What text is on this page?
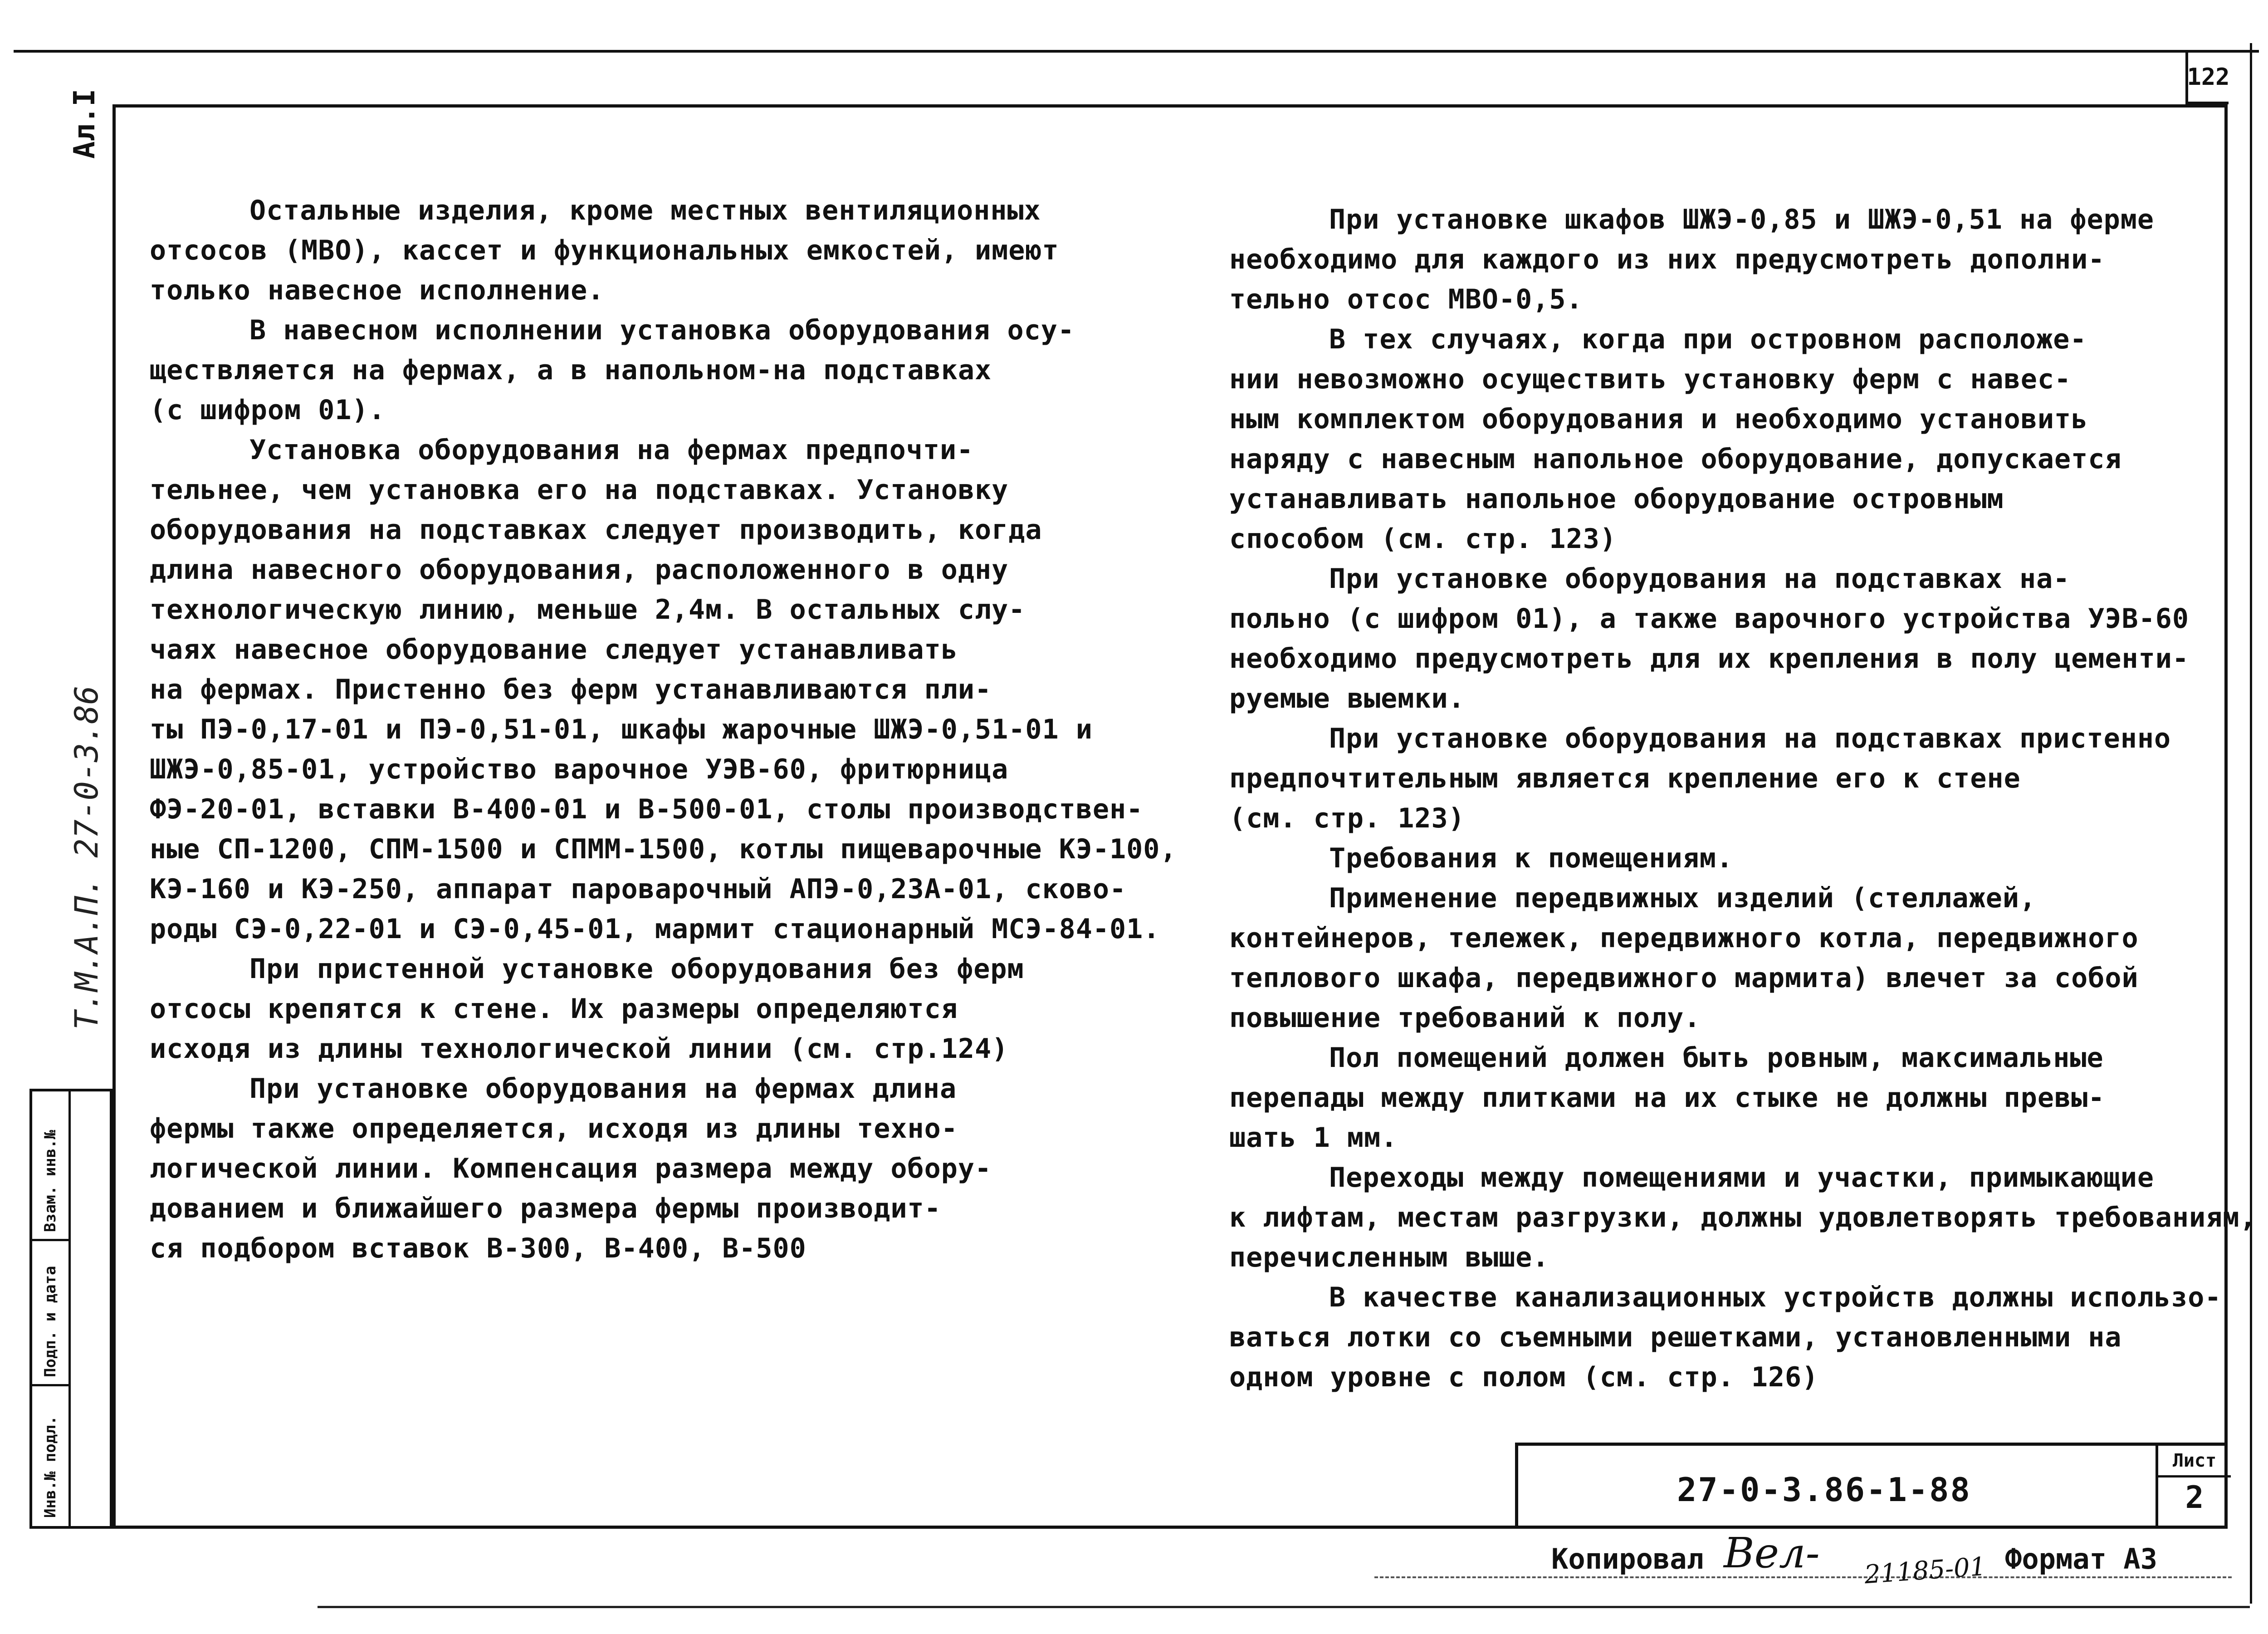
122
Ал.I
Т.М.А.П. 27-0-3.86
Взам. инв.№
Подп. и дата
Инв.№ подл.

Остальные изделия, кроме местных вентиляционных

отсосов (МВО), кассет и функциональных емкостей, имеют

только навесное исполнение.

В навесном исполнении установка оборудования осу-

ществляется на фермах, а в напольном-на подставках

(с шифром 01).

Установка оборудования на фермах предпочти-

тельнее, чем установка его на подставках. Установку

оборудования на подставках следует производить, когда

длина навесного оборудования, расположенного в одну

технологическую линию, меньше 2,4м. В остальных слу-

чаях навесное оборудование следует устанавливать

на фермах. Пристенно без ферм устанавливаются пли-

ты ПЭ-0,17-01 и ПЭ-0,51-01, шкафы жарочные ШЖЭ-0,51-01 и

ШЖЭ-0,85-01, устройство варочное УЭВ-60, фритюрница

ФЭ-20-01, вставки В-400-01 и В-500-01, столы производствен-

ные СП-1200, СПМ-1500 и СПММ-1500, котлы пищеварочные КЭ-100,

КЭ-160 и КЭ-250, аппарат пароварочный АПЭ-0,23А-01, сково-

роды СЭ-0,22-01 и СЭ-0,45-01, мармит стационарный МСЭ-84-01.

При пристенной установке оборудования без ферм

отсосы крепятся к стене. Их размеры определяются

исходя из длины технологической линии (см. стр.124)

При установке оборудования на фермах длина

фермы также определяется, исходя из длины техно-

логической линии. Компенсация размера между обору-

дованием и ближайшего размера фермы производит-

ся подбором вставок В-300, В-400, В-500

При установке шкафов ШЖЭ-0,85 и ШЖЭ-0,51 на ферме

необходимо для каждого из них предусмотреть дополни-

тельно отсос МВО-0,5.

В тех случаях, когда при островном расположе-

нии невозможно осуществить установку ферм с навес-

ным комплектом оборудования и необходимо установить

наряду с навесным напольное оборудование, допускается

устанавливать напольное оборудование островным

способом (см. стр. 123)

При установке оборудования на подставках на-

польно (с шифром 01), а также варочного устройства УЭВ-60

необходимо предусмотреть для их крепления в полу цементи-

руемые выемки.

При установке оборудования на подставках пристенно

предпочтительным является крепление его к стене

(см. стр. 123)

Требования к помещениям.

Применение передвижных изделий (стеллажей,

контейнеров, тележек, передвижного котла, передвижного

теплового шкафа, передвижного мармита) влечет за собой

повышение требований к полу.

Пол помещений должен быть ровным, максимальные

перепады между плитками на их стыке не должны превы-

шать 1 мм.

Переходы между помещениями и участки, примыкающие

к лифтам, местам разгрузки, должны удовлетворять требованиям,

перечисленным выше.

В качестве канализационных устройств должны использо-

ваться лотки со съемными решетками, установленными на

одном уровне с полом (см. стр. 126)

27-0-3.86-1-88
Лист
2
Копировал Вел- 21185-01 Формат А3
